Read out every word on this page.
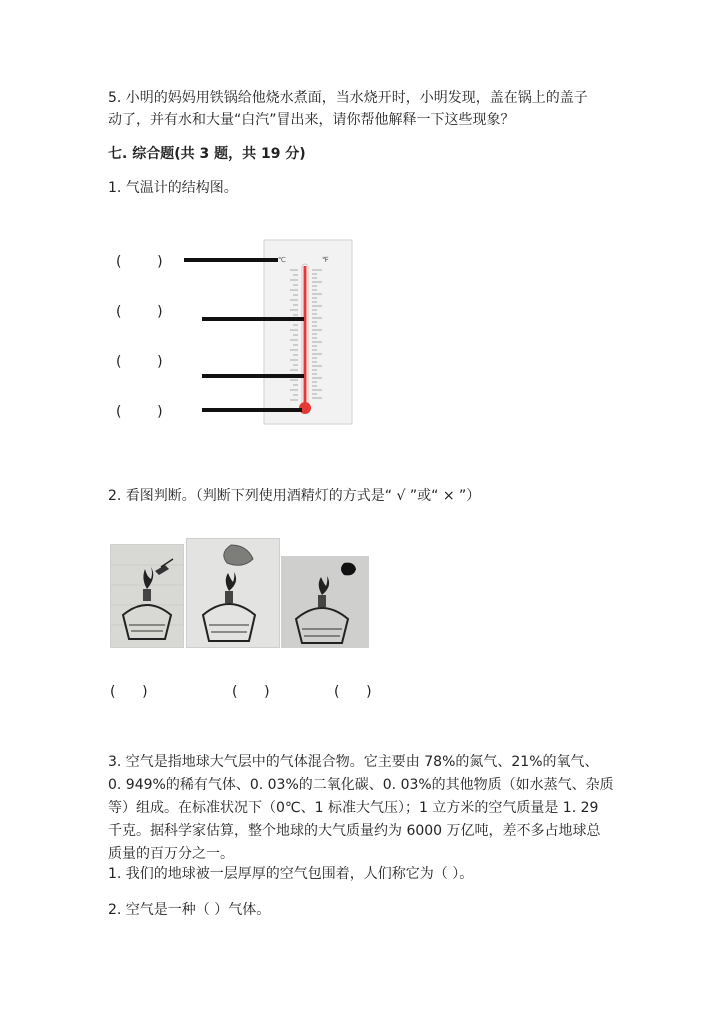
5. 小明的妈妈用铁锅给他烧水煮面，当水烧开时，小明发现，盖在锅上的盖子
动了，并有水和大量“白汽”冒出来，请你帮他解释一下这些现象？
七. 综合题(共 3 题，共 19 分)
1. 气温计的结构图。
(        )
(        )
(        )
(        )
℃	℉
2. 看图判断。（判断下列使用酒精灯的方式是“ √ ”或“ × ”）
(      )	(      )	(      )
3. 空气是指地球大气层中的气体混合物。它主要由 78%的氮气、21%的氧气、
0. 949%的稀有气体、0. 03%的二氧化碳、0. 03%的其他物质（如水蒸气、杂质
等）组成。在标准状况下（0℃、1 标准大气压）；1 立方米的空气质量是 1. 29
千克。据科学家估算，整个地球的大气质量约为 6000 万亿吨，差不多占地球总
质量的百万分之一。
1. 我们的地球被一层厚厚的空气包围着，人们称它为（ ）。
2. 空气是一种（ ）气体。
